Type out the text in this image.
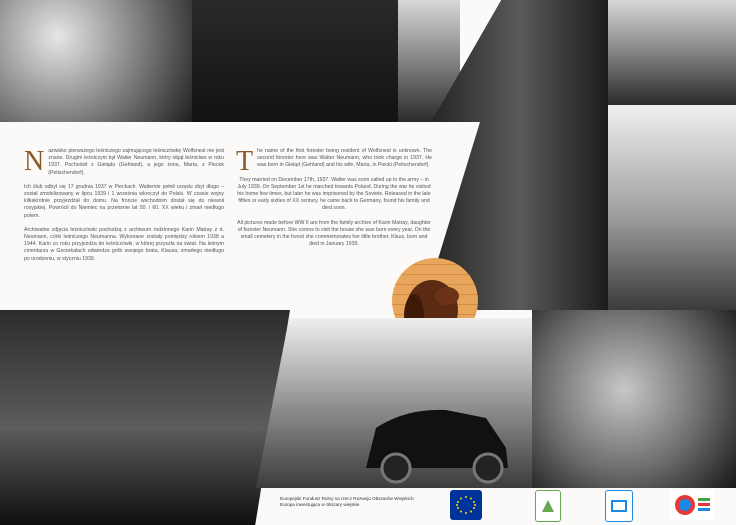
Nazwisko pierwszego leśniczego zajmującego leśniczówkę Wolfsnest nie jest znane. Drugim leśniczym był Walter Neumann, który objął leśnictwo w roku 1937. Pochodził z Gielądu (Gehland), a jego żona, Marta, z Piecek (Peitschendorf).

Ich ślub odbył się 17 grudnia 1937 w Pieckach. Waltemie pełnił urzędu zbyt długo – został zmobilizowany w lipcu 1939 i 1 września wkroczył do Polski. W czasie wojny kilkakrotnie przyjeżdżał do domu. Na froncie wschodnim dostał się do niewoli rosyjskiej. Powrócił do Niemiec na przełomie lat 50. i 60. XX wieku i zmarł niedługo potem.

Archiwalne zdjęcia leśniczówki pochodzą z archiwum rodzinnego Karin Matray z d. Neumann, córki leśniczego Neumanna. Wykonane zostały pomiędzy rokiem 1938 a 1944. Karin co roku przyjeżdża do leśniczówki, w której przyszła na świat. Na leśnym cmentarzu w Gorzekałach odwiedza grób swojego brata, Klausa, zmarłego niedługo po urodzeniu, w styczniu 1939.

The name of the first forester being resident of Wolfsnest is unknown. The second forester here was Walter Neumann, who took charge in 1937. He was born in Gieląd (Gehland) and his wife, Marta, in Piecki (Peitschendorf).

They married on December 17th, 1937. Walter was soon called up to the army – in July 1939. On September 1st he marched towards Poland. During the war he visited his home few times, but later he was imprisoned by the Soviets. Released in the late fifties or early sixties of XX century, he came back to Germany, found his family and died soon.

All pictures made before WW II are from the family archive of Karin Matray, daughter of forester Neumann. She comes to visit the house she was born every year. On the small cemetery in the forest she commemorates her little brother, Klaus, born and died in January 1939.

Europejski Fundusz Rolny na rzecz Rozwoju Obszarów Wiejskich:
Europa inwestująca w obszary wiejskie
